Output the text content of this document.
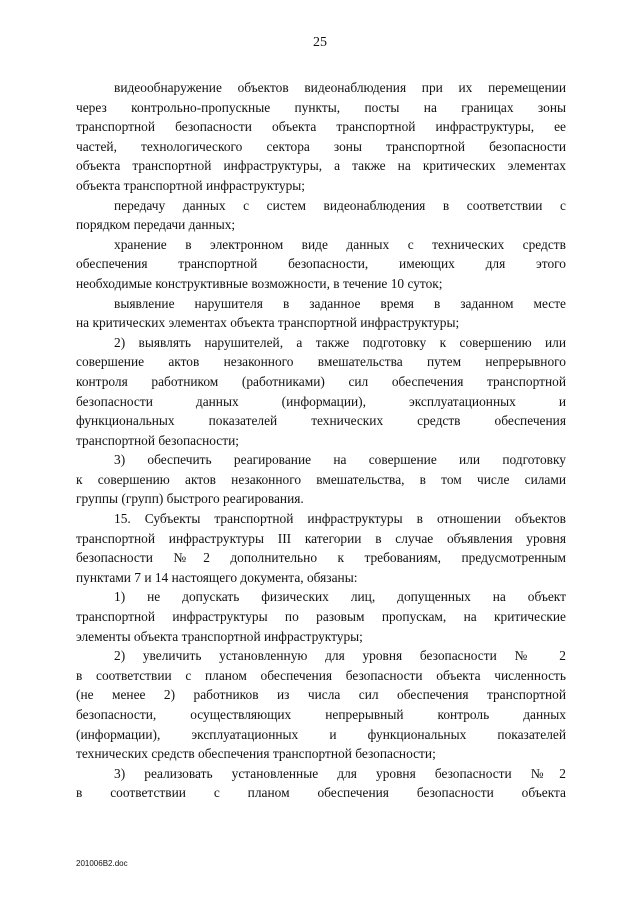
25
видеообнаружение объектов видеонаблюдения при их перемещении
через контрольно-пропускные пункты, посты на границах зоны
транспортной безопасности объекта транспортной инфраструктуры, ее
частей, технологического сектора зоны транспортной безопасности
объекта транспортной инфраструктуры, а также на критических элементах
объекта транспортной инфраструктуры;
передачу данных с систем видеонаблюдения в соответствии с
порядком передачи данных;
хранение в электронном виде данных с технических средств
обеспечения транспортной безопасности, имеющих для этого
необходимые конструктивные возможности, в течение 10 суток;
выявление нарушителя в заданное время в заданном месте
на критических элементах объекта транспортной инфраструктуры;
2) выявлять нарушителей, а также подготовку к совершению или
совершение актов незаконного вмешательства путем непрерывного
контроля работником (работниками) сил обеспечения транспортной
безопасности данных (информации), эксплуатационных и
функциональных показателей технических средств обеспечения
транспортной безопасности;
3) обеспечить реагирование на совершение или подготовку
к совершению актов незаконного вмешательства, в том числе силами
группы (групп) быстрого реагирования.
15. Субъекты транспортной инфраструктуры в отношении объектов
транспортной инфраструктуры III категории в случае объявления уровня
безопасности №2 дополнительно к требованиям, предусмотренным
пунктами 7 и 14 настоящего документа, обязаны:
1) не допускать физических лиц, допущенных на объект
транспортной инфраструктуры по разовым пропускам, на критические
элементы объекта транспортной инфраструктуры;
2) увеличить установленную для уровня безопасности № 2
в соответствии с планом обеспечения безопасности объекта численность
(не менее 2) работников из числа сил обеспечения транспортной
безопасности, осуществляющих непрерывный контроль данных
(информации), эксплуатационных и функциональных показателей
технических средств обеспечения транспортной безопасности;
3) реализовать установленные для уровня безопасности №2
в соответствии с планом обеспечения безопасности объекта
201006B2.doc
